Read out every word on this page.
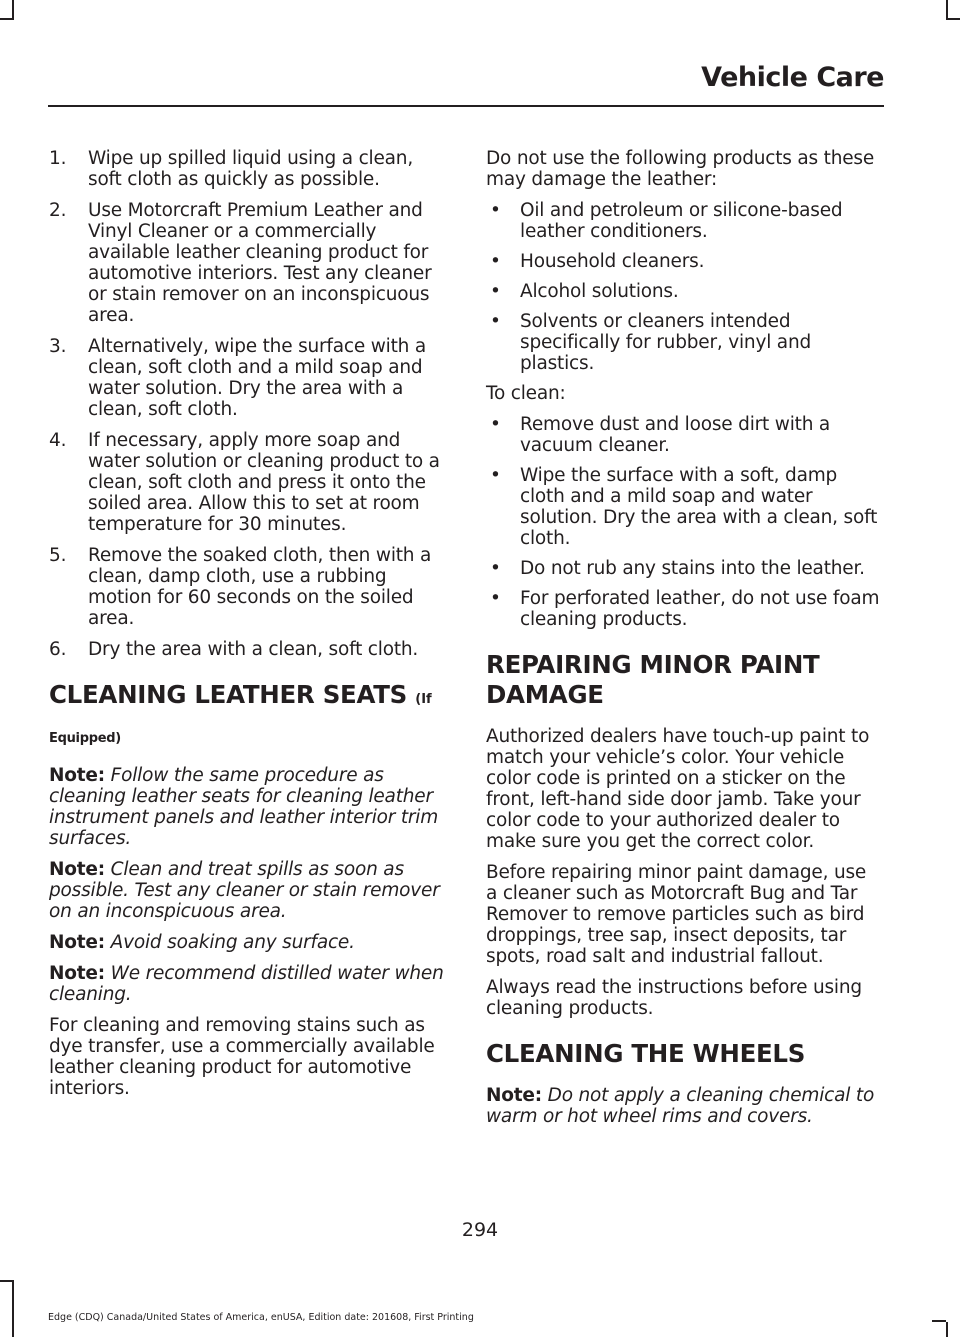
Vehicle Care
1. Wipe up spilled liquid using a clean, soft cloth as quickly as possible.
2. Use Motorcraft Premium Leather and Vinyl Cleaner or a commercially available leather cleaning product for automotive interiors. Test any cleaner or stain remover on an inconspicuous area.
3. Alternatively, wipe the surface with a clean, soft cloth and a mild soap and water solution. Dry the area with a clean, soft cloth.
4. If necessary, apply more soap and water solution or cleaning product to a clean, soft cloth and press it onto the soiled area. Allow this to set at room temperature for 30 minutes.
5. Remove the soaked cloth, then with a clean, damp cloth, use a rubbing motion for 60 seconds on the soiled area.
6. Dry the area with a clean, soft cloth.
CLEANING LEATHER SEATS (If
Equipped)

Note: Follow the same procedure as cleaning leather seats for cleaning leather instrument panels and leather interior trim surfaces.

Note: Clean and treat spills as soon as possible. Test any cleaner or stain remover on an inconspicuous area.

Note: Avoid soaking any surface.

Note: We recommend distilled water when cleaning.

For cleaning and removing stains such as dye transfer, use a commercially available leather cleaning product for automotive interiors.

Do not use the following products as these may damage the leather:

• Oil and petroleum or silicone-based leather conditioners.
• Household cleaners.
• Alcohol solutions.
• Solvents or cleaners intended specifically for rubber, vinyl and plastics.

To clean:

• Remove dust and loose dirt with a vacuum cleaner.
• Wipe the surface with a soft, damp cloth and a mild soap and water solution. Dry the area with a clean, soft cloth.
• Do not rub any stains into the leather.
• For perforated leather, do not use foam cleaning products.
REPAIRING MINOR PAINT
DAMAGE

Authorized dealers have touch-up paint to match your vehicle’s color. Your vehicle color code is printed on a sticker on the front, left-hand side door jamb. Take your color code to your authorized dealer to make sure you get the correct color.

Before repairing minor paint damage, use a cleaner such as Motorcraft Bug and Tar Remover to remove particles such as bird droppings, tree sap, insect deposits, tar spots, road salt and industrial fallout.

Always read the instructions before using cleaning products.

CLEANING THE WHEELS

Note: Do not apply a cleaning chemical to warm or hot wheel rims and covers.

294
Edge (CDQ) Canada/United States of America, enUSA, Edition date: 201608, First Printing
